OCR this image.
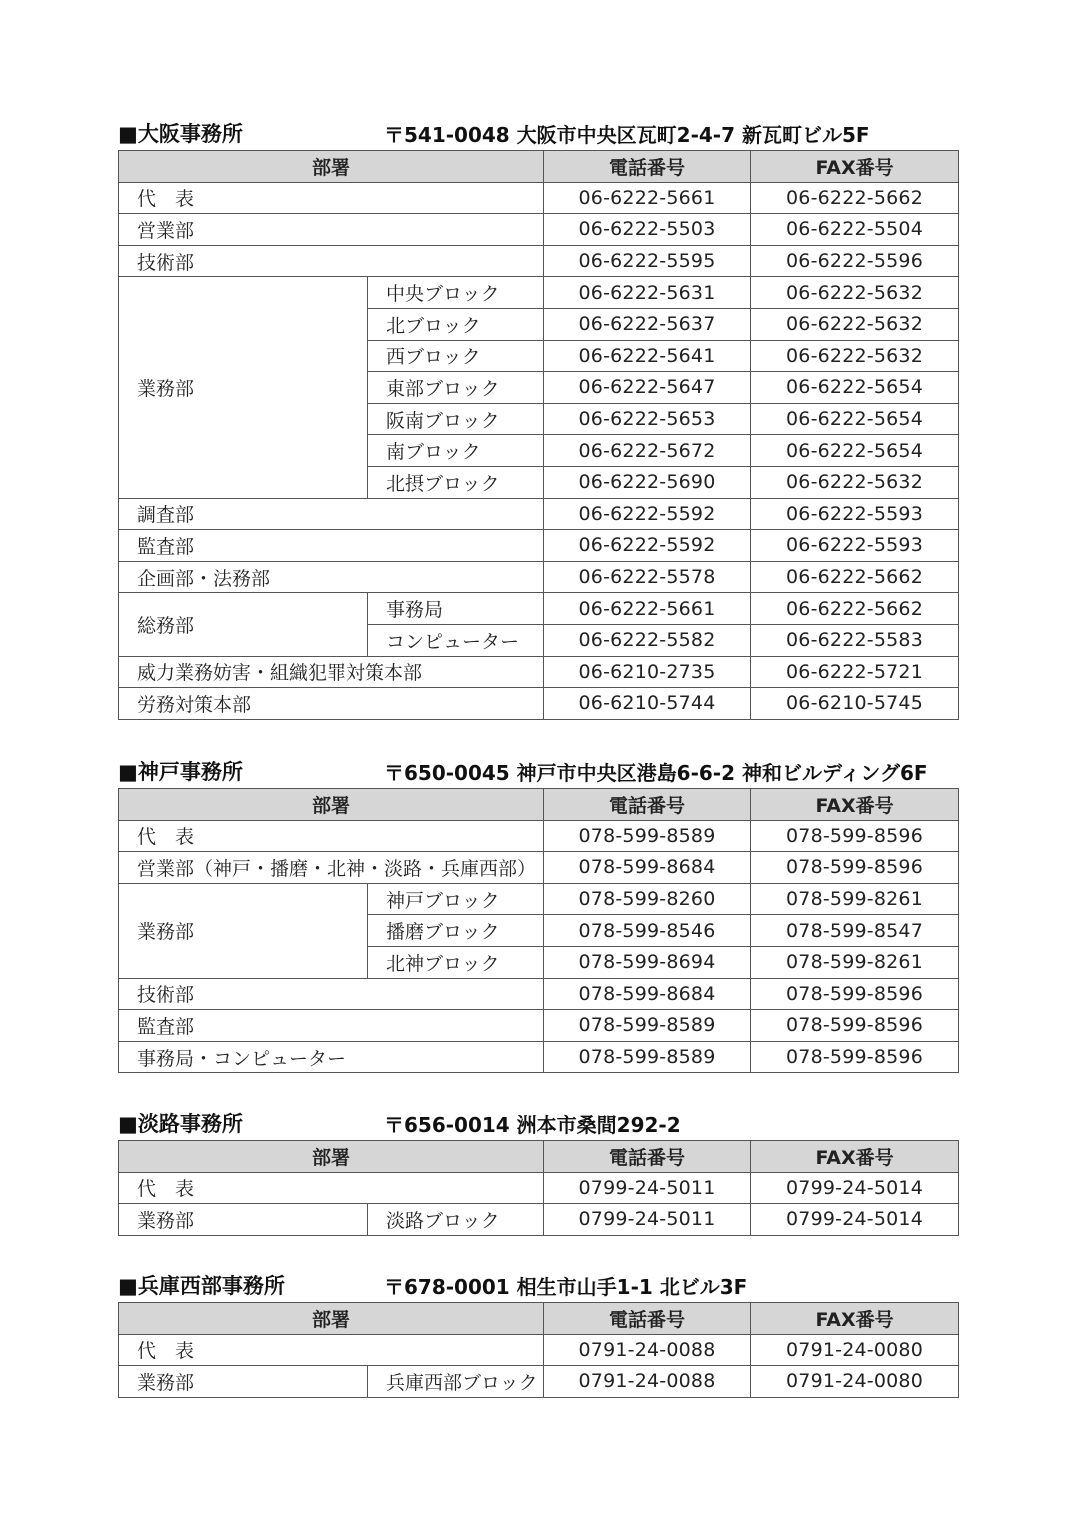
■大阪事務所	〒541-0048 大阪市中央区瓦町2-4-7 新瓦町ビル5F
部署		電話番号	FAX番号
代　表		06-6222-5661	06-6222-5662
営業部		06-6222-5503	06-6222-5504
技術部		06-6222-5595	06-6222-5596
業務部	中央ブロック	06-6222-5631	06-6222-5632
	北ブロック	06-6222-5637	06-6222-5632
	西ブロック	06-6222-5641	06-6222-5632
	東部ブロック	06-6222-5647	06-6222-5654
	阪南ブロック	06-6222-5653	06-6222-5654
	南ブロック	06-6222-5672	06-6222-5654
	北摂ブロック	06-6222-5690	06-6222-5632
調査部		06-6222-5592	06-6222-5593
監査部		06-6222-5592	06-6222-5593
企画部・法務部		06-6222-5578	06-6222-5662
総務部	事務局	06-6222-5661	06-6222-5662
	コンピューター	06-6222-5582	06-6222-5583
威力業務妨害・組織犯罪対策本部		06-6210-2735	06-6222-5721
労務対策本部		06-6210-5744	06-6210-5745
■神戸事務所	〒650-0045 神戸市中央区港島6-6-2 神和ビルディング6F
部署		電話番号	FAX番号
代　表		078-599-8589	078-599-8596
営業部（神戸・播磨・北神・淡路・兵庫西部）		078-599-8684	078-599-8596
業務部	神戸ブロック	078-599-8260	078-599-8261
	播磨ブロック	078-599-8546	078-599-8547
	北神ブロック	078-599-8694	078-599-8261
技術部		078-599-8684	078-599-8596
監査部		078-599-8589	078-599-8596
事務局・コンピューター		078-599-8589	078-599-8596
■淡路事務所	〒656-0014 洲本市桑間292-2
部署		電話番号	FAX番号
代　表		0799-24-5011	0799-24-5014
業務部	淡路ブロック	0799-24-5011	0799-24-5014
■兵庫西部事務所	〒678-0001 相生市山手1-1 北ビル3F
部署		電話番号	FAX番号
代　表		0791-24-0088	0791-24-0080
業務部	兵庫西部ブロック	0791-24-0088	0791-24-0080
